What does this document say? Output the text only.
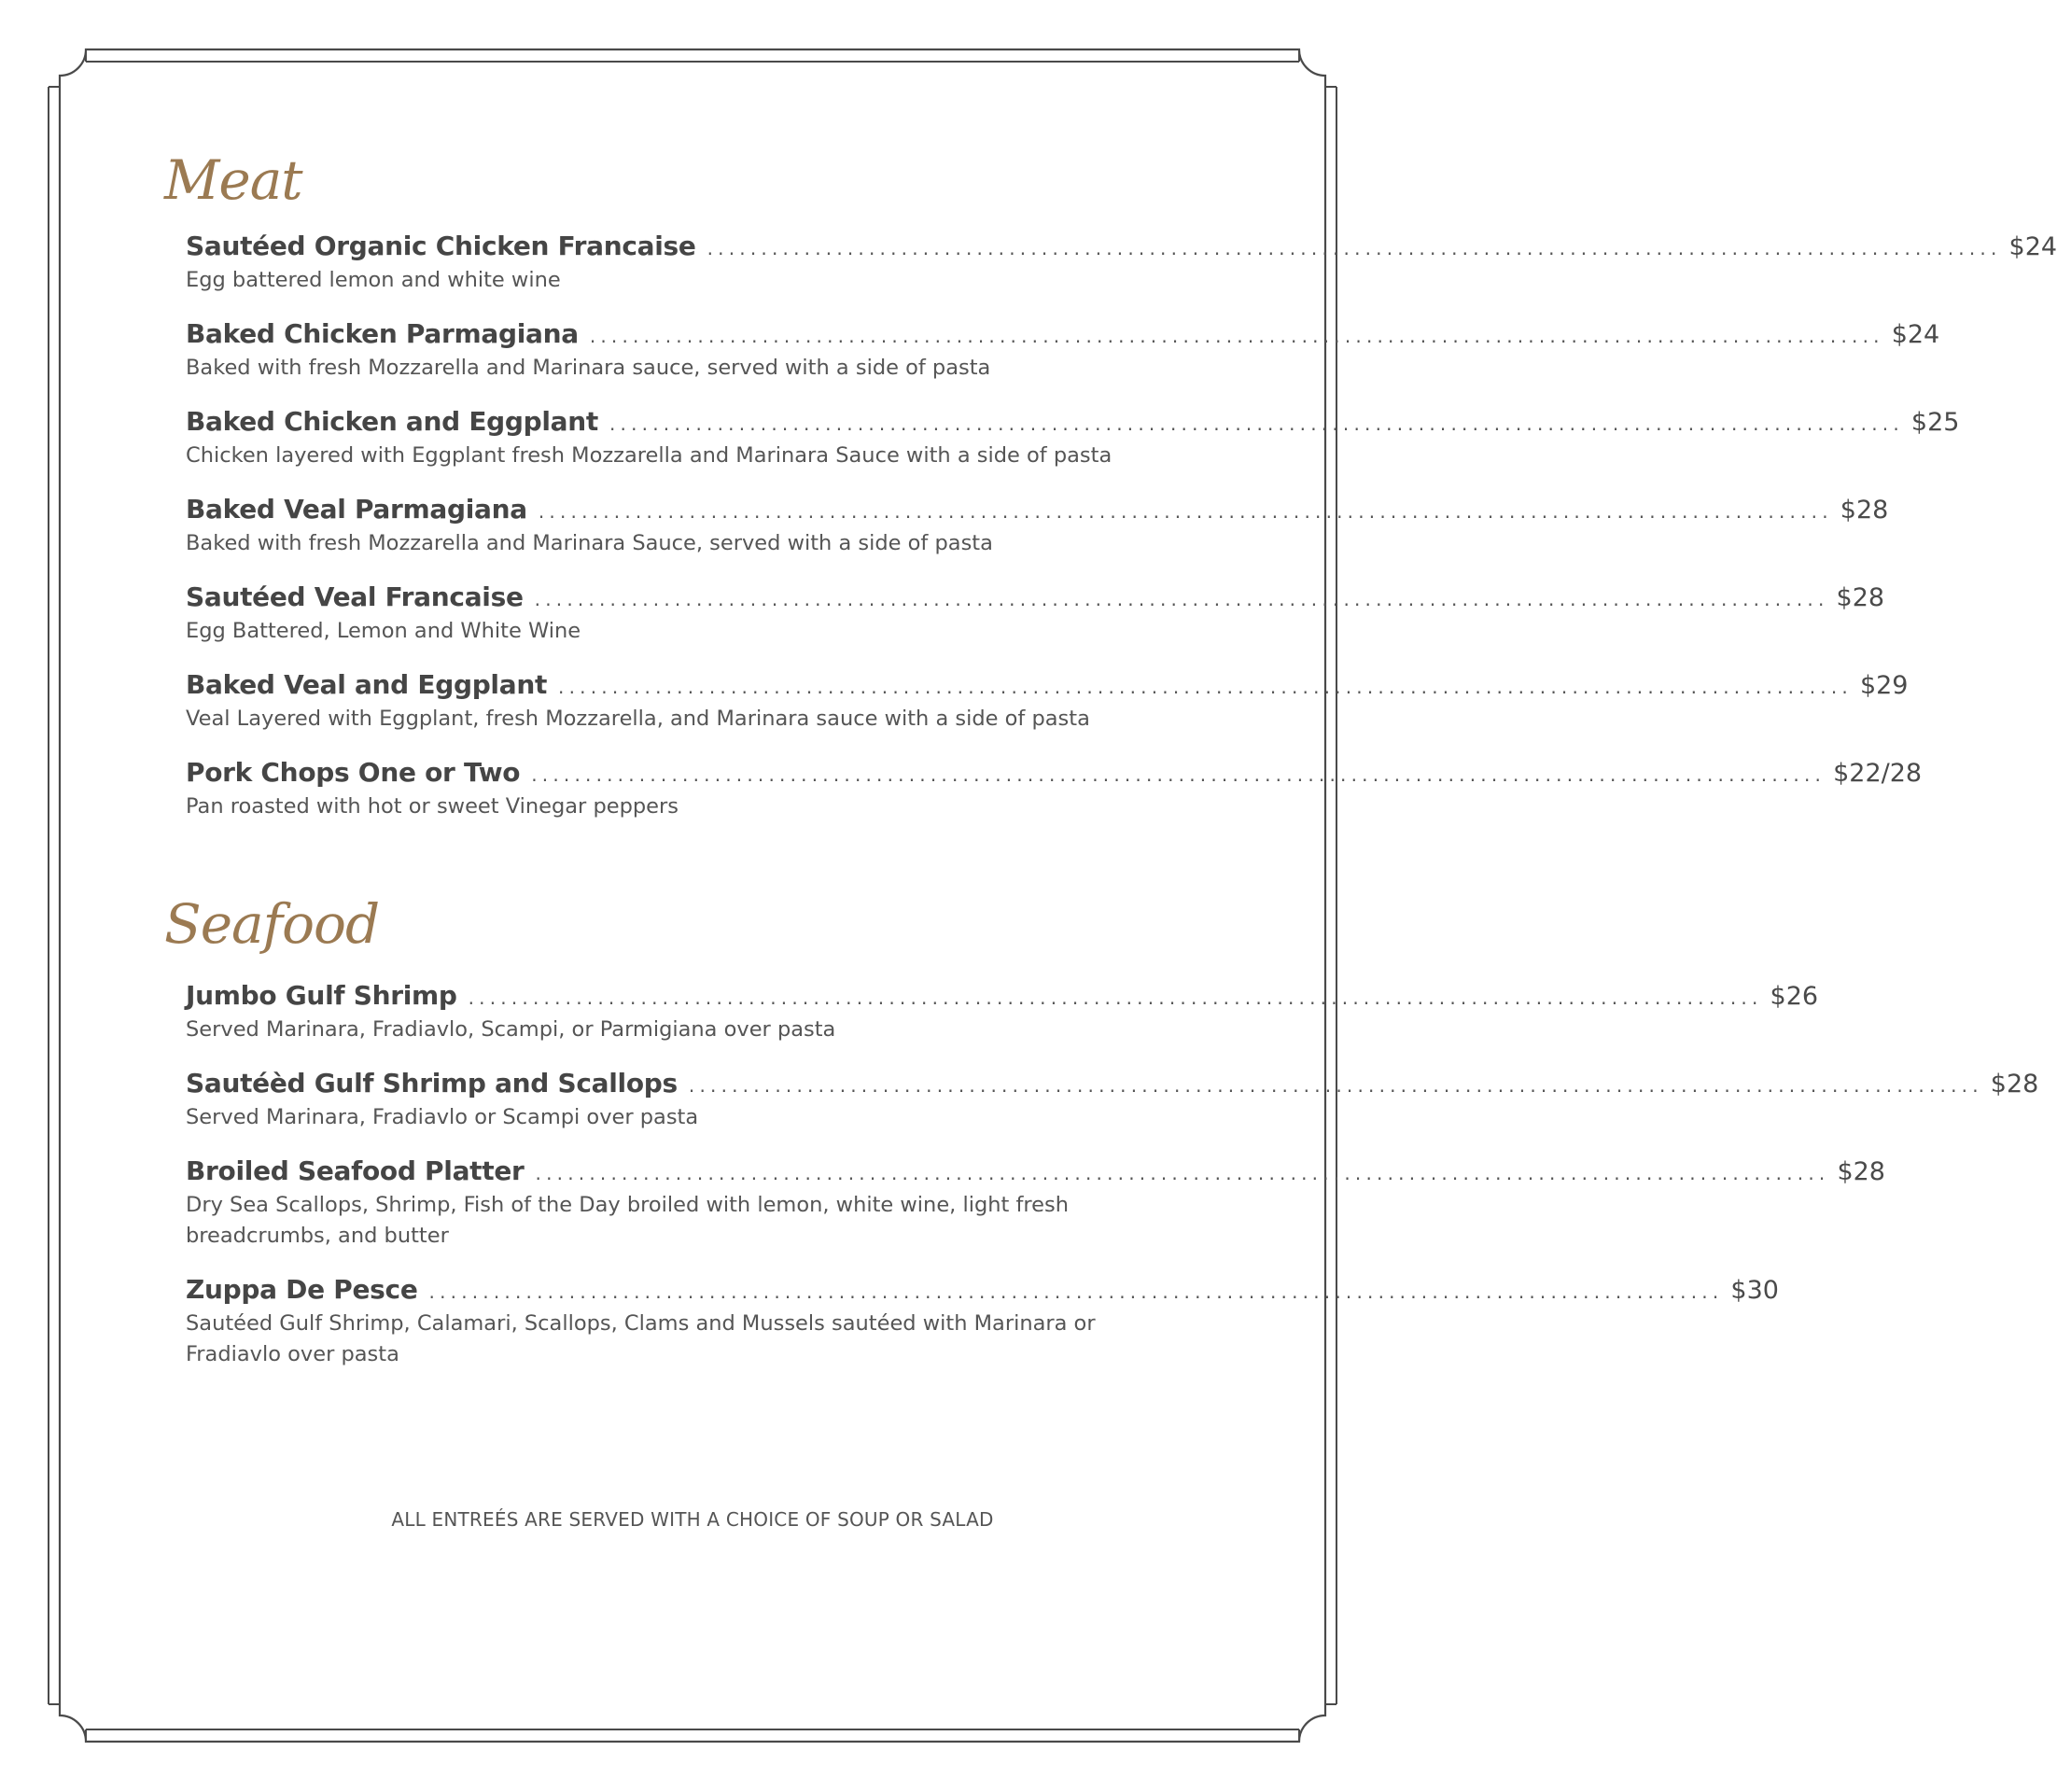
Meat
Sautéed Organic Chicken Francaise ........................................................................................................................ $24

Egg battered lemon and white wine

Baked Chicken Parmagiana ........................................................................................................................ $24

Baked with fresh Mozzarella and Marinara sauce, served with a side of pasta

Baked Chicken and Eggplant ........................................................................................................................ $25

Chicken layered with Eggplant fresh Mozzarella and Marinara Sauce with a side of pasta

Baked Veal Parmagiana ........................................................................................................................ $28

Baked with fresh Mozzarella and Marinara Sauce, served with a side of pasta

Sautéed Veal Francaise ........................................................................................................................ $28

Egg Battered, Lemon and White Wine

Baked Veal and Eggplant ........................................................................................................................ $29

Veal Layered with Eggplant, fresh Mozzarella, and Marinara sauce with a side of pasta

Pork Chops One or Two ........................................................................................................................ $22/28

Pan roasted with hot or sweet Vinegar peppers

Seafood
Jumbo Gulf Shrimp ........................................................................................................................ $26

Served Marinara, Fradiavlo, Scampi, or Parmigiana over pasta

Sautéèd Gulf Shrimp and Scallops ........................................................................................................................ $28

Served Marinara, Fradiavlo or Scampi over pasta

Broiled Seafood Platter ........................................................................................................................ $28

Dry Sea Scallops, Shrimp, Fish of the Day broiled with lemon, white wine, light fresh breadcrumbs, and butter

Zuppa De Pesce ........................................................................................................................ $30

Sautéed Gulf Shrimp, Calamari, Scallops, Clams and Mussels sautéed with Marinara or Fradiavlo over pasta

ALL ENTREÉS ARE SERVED WITH A CHOICE OF SOUP OR SALAD
